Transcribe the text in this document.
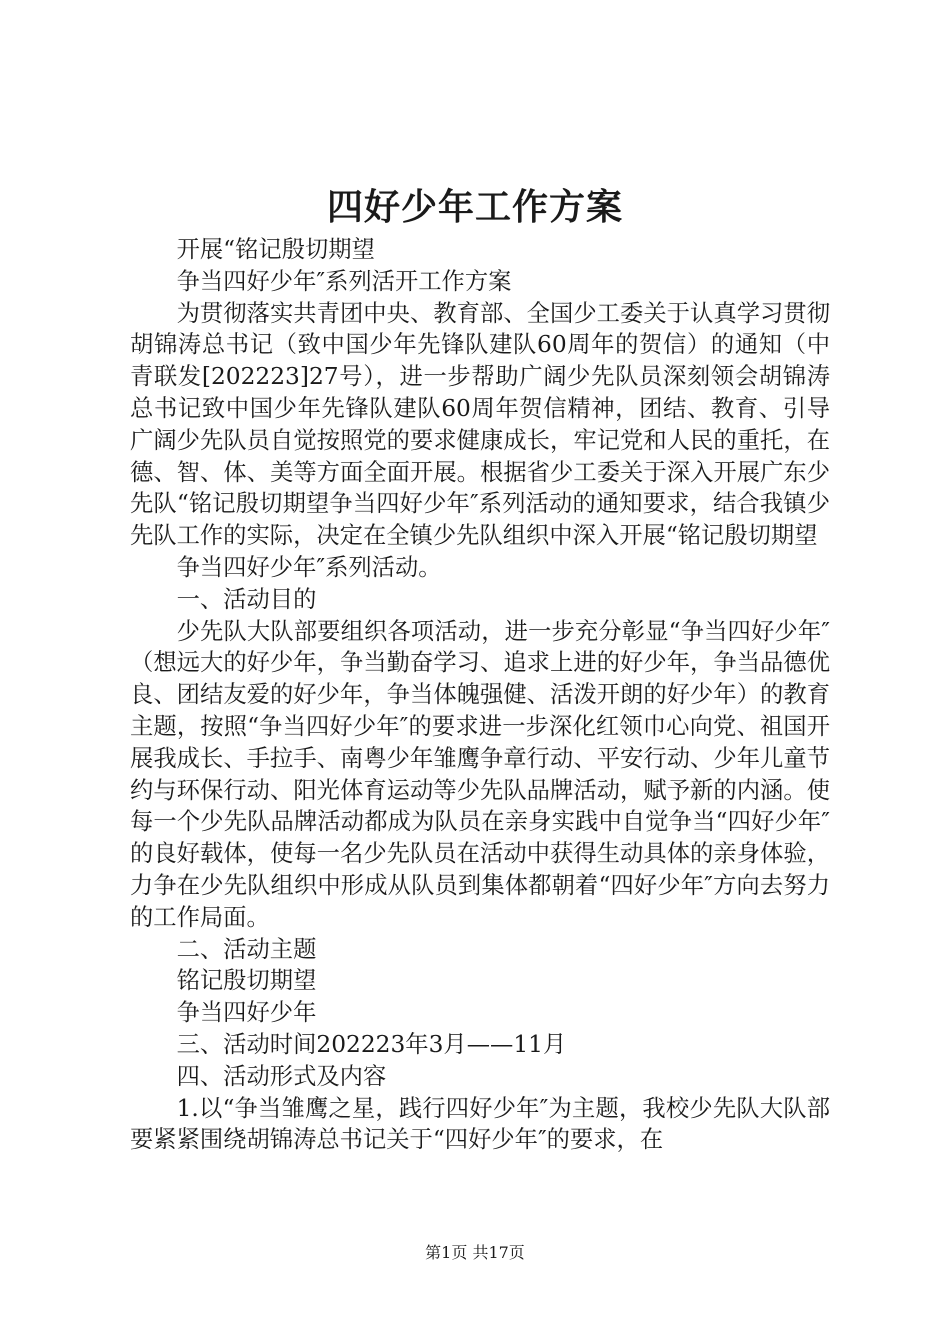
四好少年工作方案

开展“铭记殷切期望

争当四好少年″系列活开工作方案

为贯彻落实共青团中央、教育部、全国少工委关于认真学习贯彻胡锦涛总书记（致中国少年先锋队建队60周年的贺信）的通知（中青联发[202223]27号），进一步帮助广阔少先队员深刻领会胡锦涛总书记致中国少年先锋队建队60周年贺信精神，团结、教育、引导广阔少先队员自觉按照党的要求健康成长，牢记党和人民的重托，在德、智、体、美等方面全面开展。根据省少工委关于深入开展广东少先队“铭记殷切期望争当四好少年″系列活动的通知要求，结合我镇少先队工作的实际，决定在全镇少先队组织中深入开展“铭记殷切期望

争当四好少年″系列活动。

一、活动目的

少先队大队部要组织各项活动，进一步充分彰显“争当四好少年″（想远大的好少年，争当勤奋学习、追求上进的好少年，争当品德优良、团结友爱的好少年，争当体魄强健、活泼开朗的好少年）的教育主题，按照“争当四好少年″的要求进一步深化红领巾心向党、祖国开展我成长、手拉手、南粤少年雏鹰争章行动、平安行动、少年儿童节约与环保行动、阳光体育运动等少先队品牌活动，赋予新的内涵。使每一个少先队品牌活动都成为队员在亲身实践中自觉争当“四好少年″的良好载体，使每一名少先队员在活动中获得生动具体的亲身体验，力争在少先队组织中形成从队员到集体都朝着“四好少年″方向去努力的工作局面。

二、活动主题

铭记殷切期望

争当四好少年

三、活动时间202223年3月——11月

四、活动形式及内容

1.以“争当雏鹰之星，践行四好少年″为主题，我校少先队大队部要紧紧围绕胡锦涛总书记关于“四好少年″的要求，在

第1页 共17页
